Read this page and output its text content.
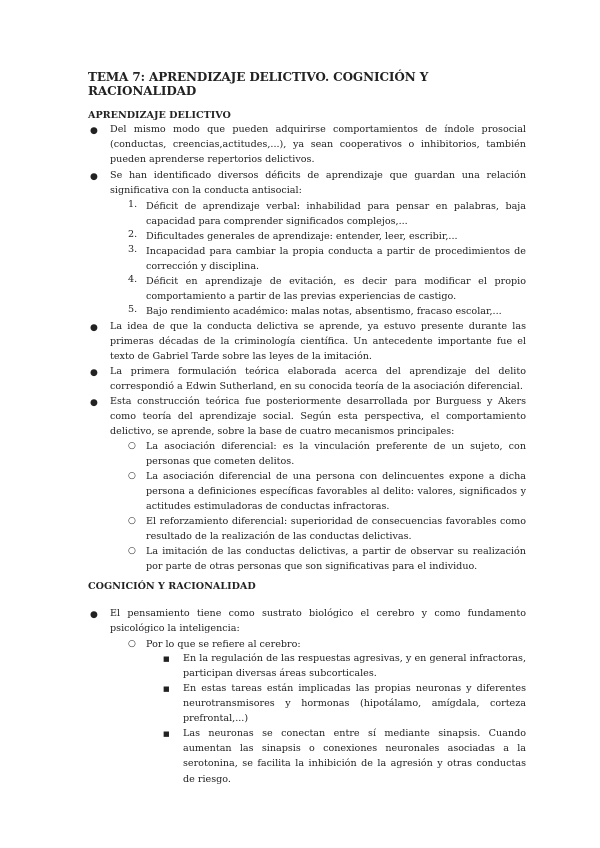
TEMA 7: APRENDIZAJE DELICTIVO. COGNICIÓN Y RACIONALIDAD
APRENDIZAJE DELICTIVO
● Del mismo modo que pueden adquirirse comportamientos de índole prosocial (conductas, creencias,actitudes,...), ya sean cooperativos o inhibitorios, también pueden aprenderse repertorios delictivos.
● Se han identificado diversos déficits de aprendizaje que guardan una relación significativa con la conducta antisocial:
1. Déficit de aprendizaje verbal: inhabilidad para pensar en palabras, baja capacidad para comprender significados complejos,...
2. Dificultades generales de aprendizaje: entender, leer, escribir,...
3. Incapacidad para cambiar la propia conducta a partir de procedimientos de corrección y disciplina.
4. Déficit en aprendizaje de evitación, es decir para modificar el propio comportamiento a partir de las previas experiencias de castigo.
5. Bajo rendimiento académico: malas notas, absentismo, fracaso escolar,...
● La idea de que la conducta delictiva se aprende, ya estuvo presente durante las primeras décadas de la criminología científica. Un antecedente importante fue el texto de Gabriel Tarde sobre las leyes de la imitación.
● La primera formulación teórica elaborada acerca del aprendizaje del delito correspondió a Edwin Sutherland, en su conocida teoría de la asociación diferencial.
● Esta construcción teórica fue posteriormente desarrollada por Burguess y Akers como teoría del aprendizaje social. Según esta perspectiva, el comportamiento delictivo, se aprende, sobre la base de cuatro mecanismos principales:
○ La asociación diferencial: es la vinculación preferente de un sujeto, con personas que cometen delitos.
○ La asociación diferencial de una persona con delincuentes expone a dicha persona a definiciones específicas favorables al delito: valores, significados y actitudes estimuladoras de conductas infractoras.
○ El reforzamiento diferencial: superioridad de consecuencias favorables como resultado de la realización de las conductas delictivas.
○ La imitación de las conductas delictivas, a partir de observar su realización por parte de otras personas que son significativas para el individuo.
COGNICIÓN Y RACIONALIDAD
● El pensamiento tiene como sustrato biológico el cerebro y como fundamento psicológico la inteligencia:
○ Por lo que se refiere al cerebro:
■ En la regulación de las respuestas agresivas, y en general infractoras, participan diversas áreas subcorticales.
■ En estas tareas están implicadas las propias neuronas y diferentes neurotransmisores y hormonas (hipotálamo, amígdala, corteza prefrontal,...)
■ Las neuronas se conectan entre sí mediante sinapsis. Cuando aumentan las sinapsis o conexiones neuronales asociadas a la serotonina, se facilita la inhibición de la agresión y otras conductas de riesgo.
